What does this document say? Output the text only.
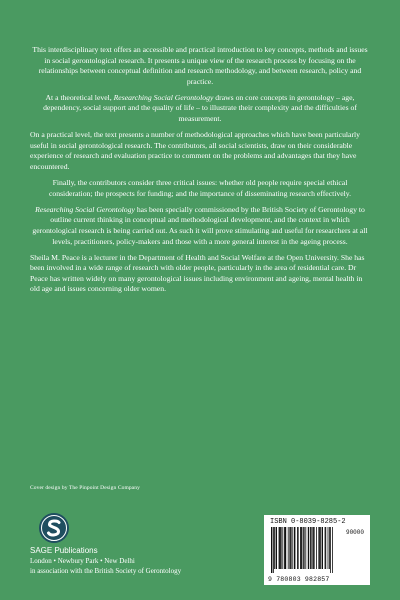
This interdisciplinary text offers an accessible and practical introduction to key concepts, methods and issues in social gerontological research. It presents a unique view of the research process by focusing on the relationships between conceptual definition and research methodology, and between research, policy and practice.

At a theoretical level, Researching Social Gerontology draws on core concepts in gerontology – age, dependency, social support and the quality of life – to illustrate their complexity and the difficulties of measurement.

On a practical level, the text presents a number of methodological approaches which have been particularly useful in social gerontological research. The contributors, all social scientists, draw on their considerable experience of research and evaluation practice to comment on the problems and advantages that they have encountered.

Finally, the contributors consider three critical issues: whether old people require special ethical consideration; the prospects for funding; and the importance of disseminating research effectively.

Researching Social Gerontology has been specially commissioned by the British Society of Gerontology to outline current thinking in conceptual and methodological development, and the context in which gerontological research is being carried out. As such it will prove stimulating and useful for researchers at all levels, practitioners, policy-makers and those with a more general interest in the ageing process.

Sheila M. Peace is a lecturer in the Department of Health and Social Welfare at the Open University. She has been involved in a wide range of research with older people, particularly in the area of residential care. Dr Peace has written widely on many gerontological issues including environment and ageing, mental health in old age and issues concerning older women.

Cover design by The Pinpoint Design Company
SAGE Publications
London • Newbury Park • New Delhi
in association with the British Society of Gerontology
ISBN 0-8039-8285-2
90000
9 780803 982857
